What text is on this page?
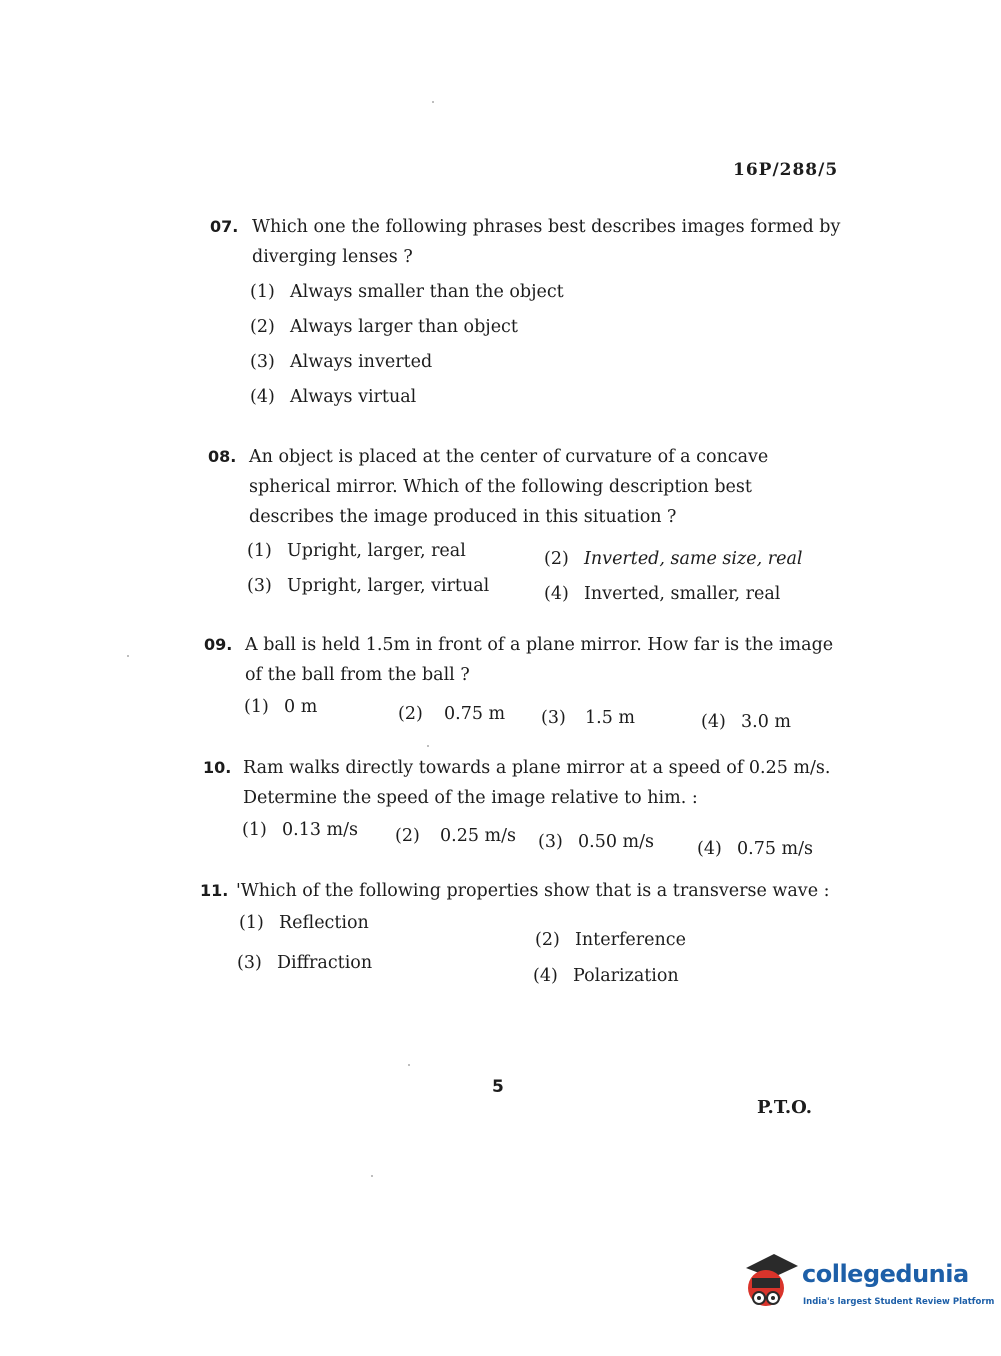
16P/288/5
07. Which one the following phrases best describes images formed by diverging lenses ?
(1) Always smaller than the object
(2) Always larger than object
(3) Always inverted
(4) Always virtual
08. An object is placed at the center of curvature of a concave spherical mirror. Which of the following description best describes the image produced in this situation ?
(1) Upright, larger, real	(2) Inverted, same size, real
(3) Upright, larger, virtual	(4) Inverted, smaller, real
09. A ball is held 1.5m in front of a plane mirror. How far is the image of the ball from the ball ?
(1) 0 m	(2) 0.75 m (3) 1.5 m	(4) 3.0 m
10. Ram walks directly towards a plane mirror at a speed of 0.25 m/s. Determine the speed of the image relative to him. :
(1) 0.13 m/s (2) 0.25 m/s (3) 0.50 m/s (4) 0.75 m/s
11. 'Which of the following properties show that is a transverse wave :
(1) Reflection
(2) Interference
(3) Diffraction
(4) Polarization
5
P.T.O.
collegedunia
India's largest Student Review Platform
